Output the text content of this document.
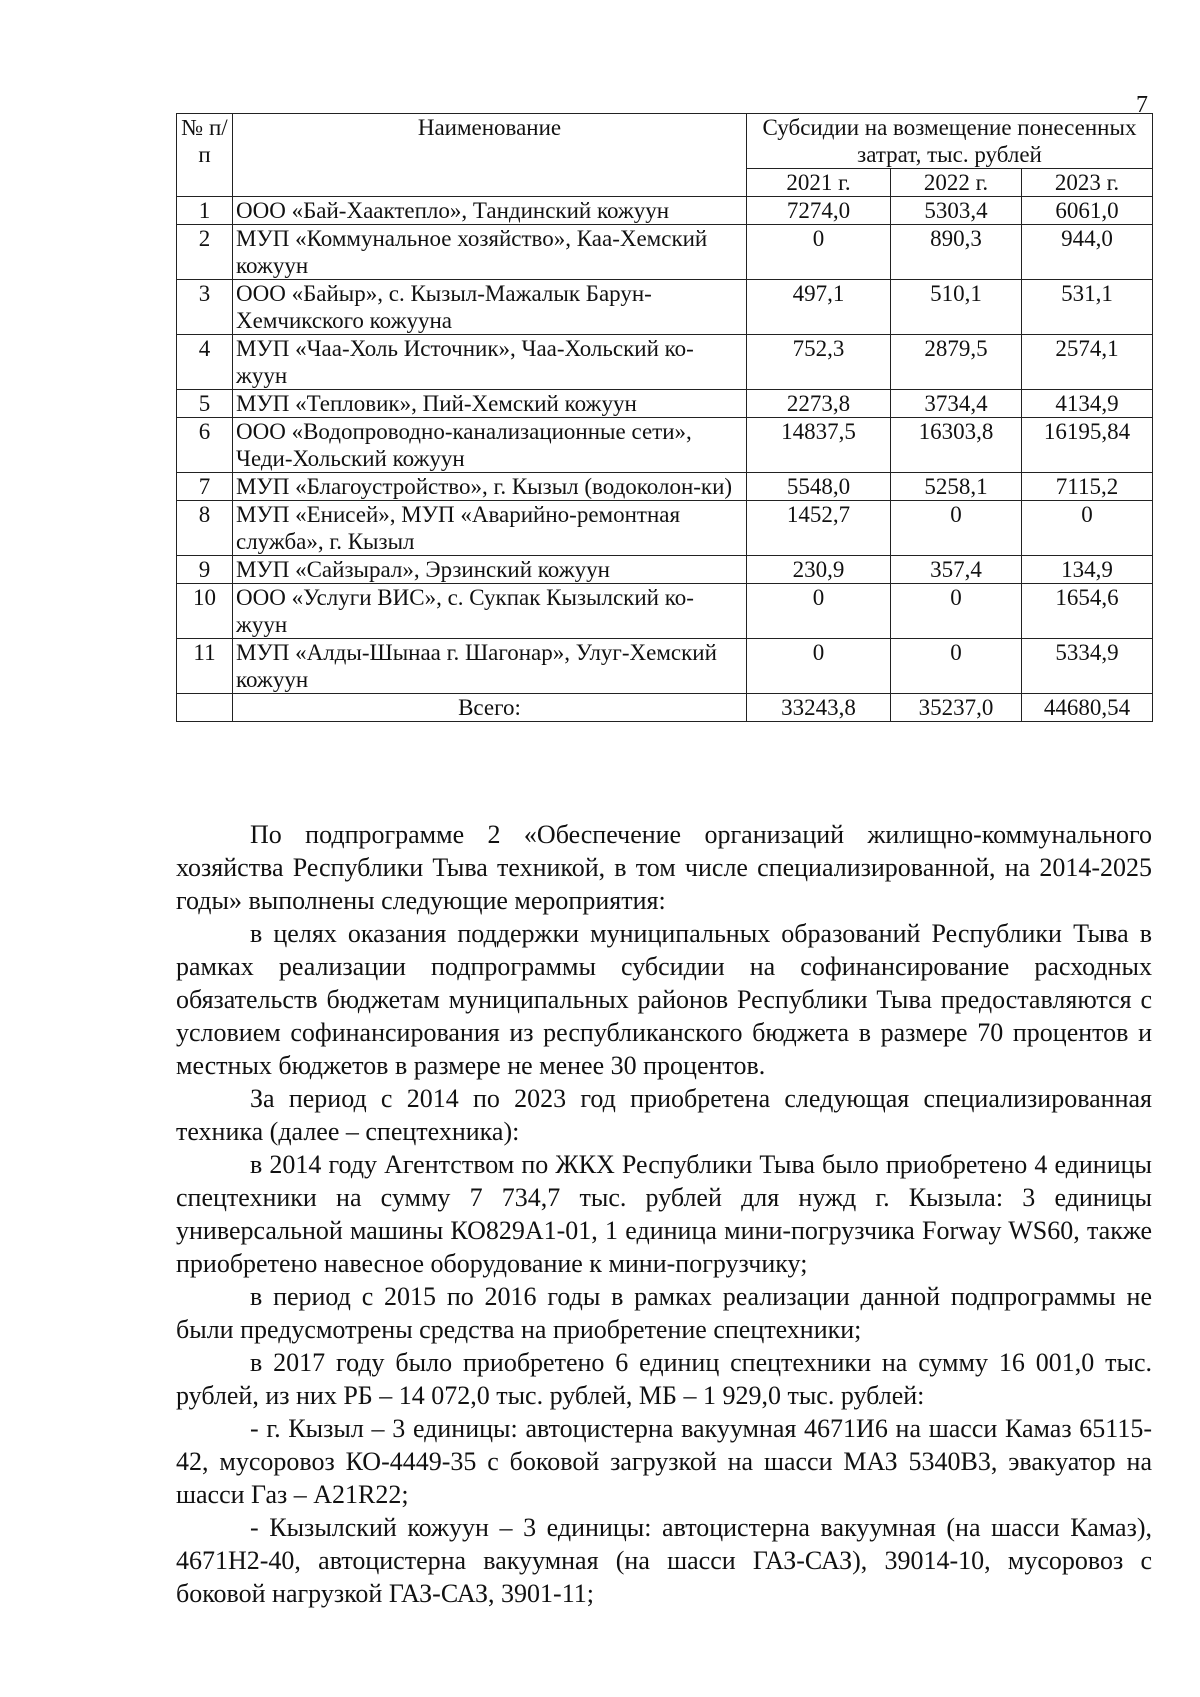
7
№ п/п	Наименование	Субсидии на возмещение понесенных затрат, тыс. рублей		
		2021 г.	2022 г.	2023 г.
1	ООО «Бай-Хаактепло», Тандинский кожуун	7274,0	5303,4	6061,0
2	МУП «Коммунальное хозяйство», Каа-Хемский кожуун	0	890,3	944,0
3	ООО «Байыр», с. Кызыл-Мажалык Барун-Хемчикского кожууна	497,1	510,1	531,1
4	МУП «Чаа-Холь Источник», Чаа-Хольский ко-жуун	752,3	2879,5	2574,1
5	МУП «Тепловик», Пий-Хемский кожуун	2273,8	3734,4	4134,9
6	ООО «Водопроводно-канализационные сети», Чеди-Хольский кожуун	14837,5	16303,8	16195,84
7	МУП «Благоустройство», г. Кызыл (водоколон-ки)	5548,0	5258,1	7115,2
8	МУП «Енисей», МУП «Аварийно-ремонтная служба», г. Кызыл	1452,7	0	0
9	МУП «Сайзырал», Эрзинский кожуун	230,9	357,4	134,9
10	ООО «Услуги ВИС», с. Сукпак Кызылский ко-жуун	0	0	1654,6
11	МУП «Алды-Шынаа г. Шагонар», Улуг-Хемский кожуун	0	0	5334,9
	Всего:	33243,8	35237,0	44680,54

По подпрограмме 2 «Обеспечение организаций жилищно-коммунального хозяйства Республики Тыва техникой, в том числе специализированной, на 2014-2025 годы» выполнены следующие мероприятия:

в целях оказания поддержки муниципальных образований Республики Тыва в рамках реализации подпрограммы субсидии на софинансирование расходных обязательств бюджетам муниципальных районов Республики Тыва предоставляются с условием софинансирования из республиканского бюджета в размере 70 процентов и местных бюджетов в размере не менее 30 процентов.

За период с 2014 по 2023 год приобретена следующая специализированная техника (далее – спецтехника):

в 2014 году Агентством по ЖКХ Республики Тыва было приобретено 4 единицы спецтехники на сумму 7 734,7 тыс. рублей для нужд г. Кызыла: 3 единицы универсальной машины КО829А1-01, 1 единица мини-погрузчика Forway WS60, также приобретено навесное оборудование к мини-погрузчику;

в период с 2015 по 2016 годы в рамках реализации данной подпрограммы не были предусмотрены средства на приобретение спецтехники;

в 2017 году было приобретено 6 единиц спецтехники на сумму 16 001,0 тыс. рублей, из них РБ – 14 072,0 тыс. рублей, МБ – 1 929,0 тыс. рублей:

- г. Кызыл – 3 единицы: автоцистерна вакуумная 4671И6 на шасси Камаз 65115-42, мусоровоз КО-4449-35 с боковой загрузкой на шасси МАЗ 5340В3, эвакуатор на шасси Газ – А21R22;

- Кызылский кожуун – 3 единицы: автоцистерна вакуумная (на шасси Камаз), 4671Н2-40, автоцистерна вакуумная (на шасси ГАЗ-САЗ), 39014-10, мусоровоз с боковой нагрузкой ГАЗ-САЗ, 3901-11;
